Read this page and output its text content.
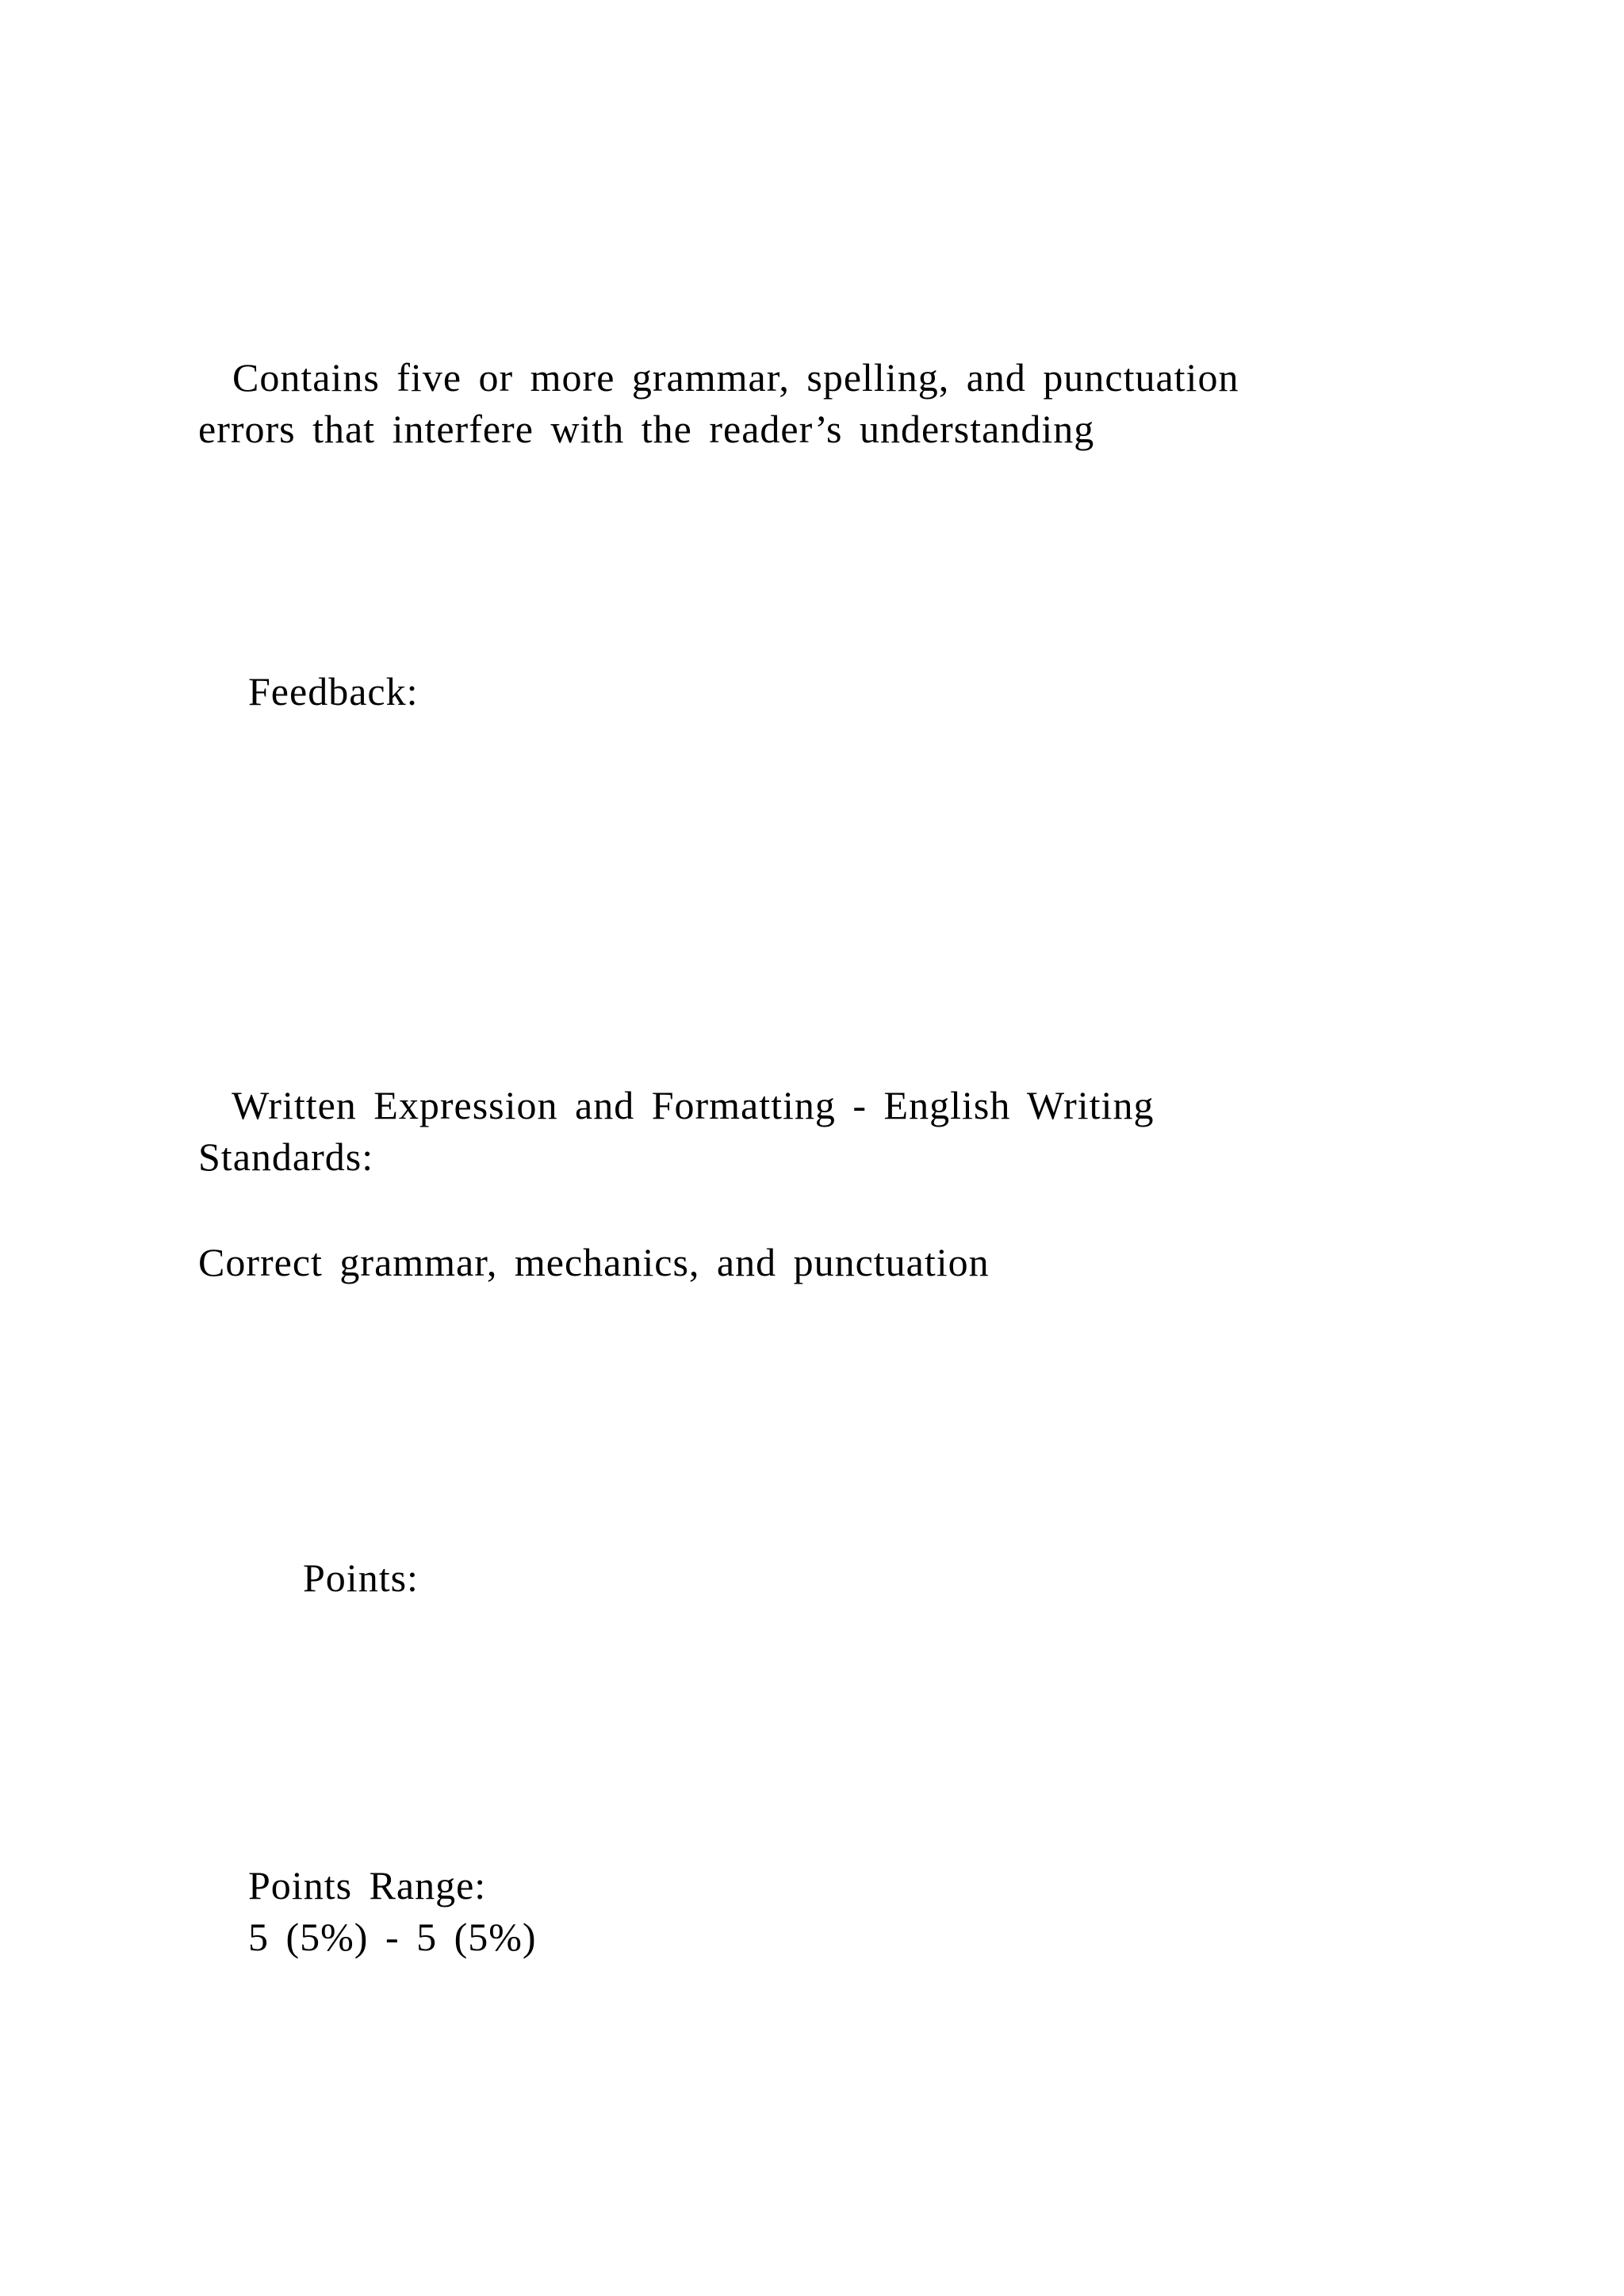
Contains five or more grammar, spelling, and punctuation
errors that interfere with the reader’s understanding
Feedback:
Written Expression and Formatting - English Writing
Standards:
Correct grammar, mechanics, and punctuation
Points:
Points Range:
5 (5%) - 5 (5%)
